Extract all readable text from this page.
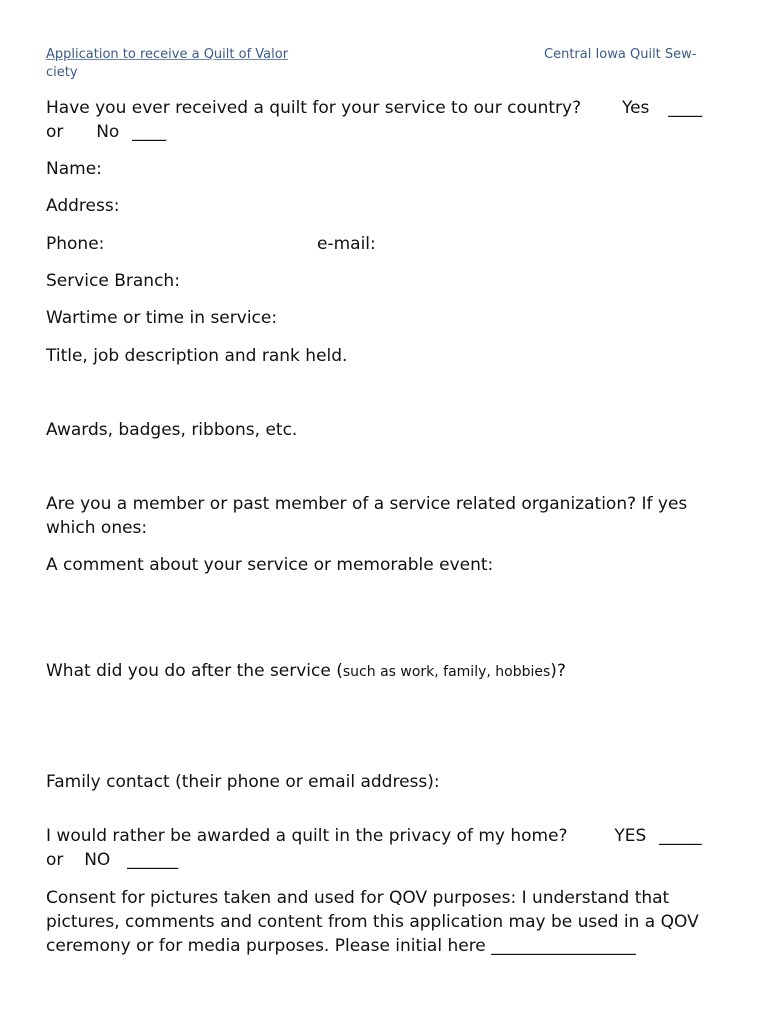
Application to receive a Quilt of Valor	Central Iowa Quilt Sew-
ciety
Have you ever received a quilt for your service to our country? Yes ____
or No ____
Name:
Address:
Phone:	e-mail:
Service Branch:
Wartime or time in service:
Title, job description and rank held.
Awards, badges, ribbons, etc.
Are you a member or past member of a service related organization? If yes
which ones:
A comment about your service or memorable event:
What did you do after the service (such as work, family, hobbies)?
Family contact (their phone or email address):
I would rather be awarded a quilt in the privacy of my home?	YES _____
or NO ______
Consent for pictures taken and used for QOV purposes: I understand that
pictures, comments and content from this application may be used in a QOV
ceremony or for media purposes. Please initial here _________________
